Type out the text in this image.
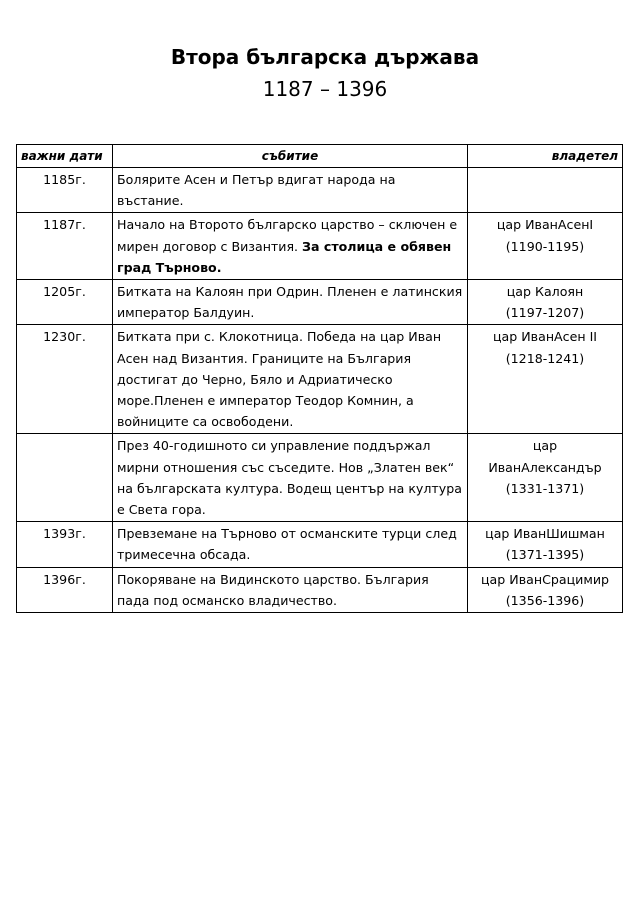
Втора българска държава
1187 – 1396
важни дати	събитие	владетел
1185г.	Болярите Асен и Петър вдигат народа на въстание.	
1187г.	Начало на Второто българско царство – сключен е мирен договор с Византия. За столица е обявен град Търново.	цар ИванАсенI
(1190-1195)

1205г.	Битката на Калоян при Одрин. Пленен е латинския император Балдуин.	цар Калоян
(1197-1207)

1230г.	Битката при с. Клокотница. Победа на цар Иван Асен над Византия. Границите на България достигат до Черно, Бяло и Адриатическо море.Пленен е император Теодор Комнин, а войниците са освободени.	цар ИванАсен II
(1218-1241)

	През 40-годишното си управление поддържал мирни отношения със съседите. Нов „Златен век“ на българската култура. Водещ център на култура е Света гора.	цар
ИванАлександър
(1331-1371)

1393г.	Превземане на Търново от османските турци след тримесечна обсада.	цар ИванШишман
(1371-1395)

1396г.	Покоряване на Видинското царство. България пада под османско владичество.	цар ИванСрацимир
(1356-1396)
